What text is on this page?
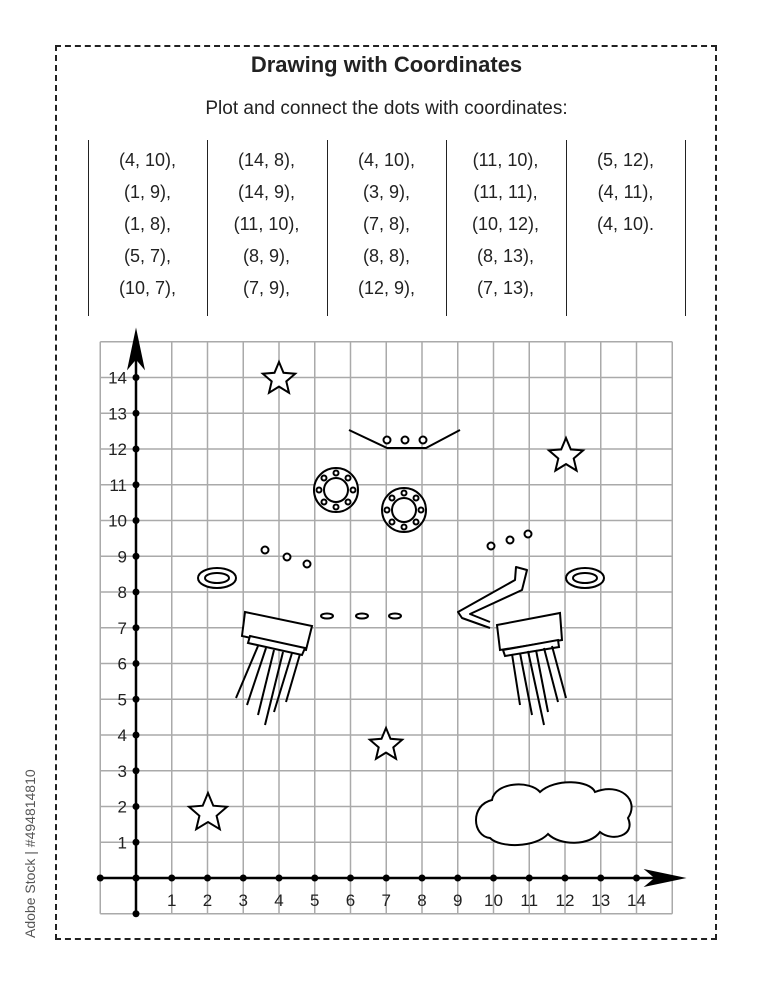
Drawing with Coordinates
Plot and connect the dots with coordinates:
(4, 10),
(1, 9),
(1, 8),
(5, 7),
(10, 7),
(14, 8),
(14, 9),
(11, 10),
(8, 9),
(7, 9),
(4, 10),
(3, 9),
(7, 8),
(8, 8),
(12, 9),
(11, 10),
(11, 11),
(10, 12),
(8, 13),
(7, 13),
(5, 12),
(4, 11),
(4, 10).
1 2 3 4 5 6 7 8 9 10 11 12 13 14
1
2
3
4
5
6
7
8
9
10
11
12
13
14
Adobe Stock | #494814810
